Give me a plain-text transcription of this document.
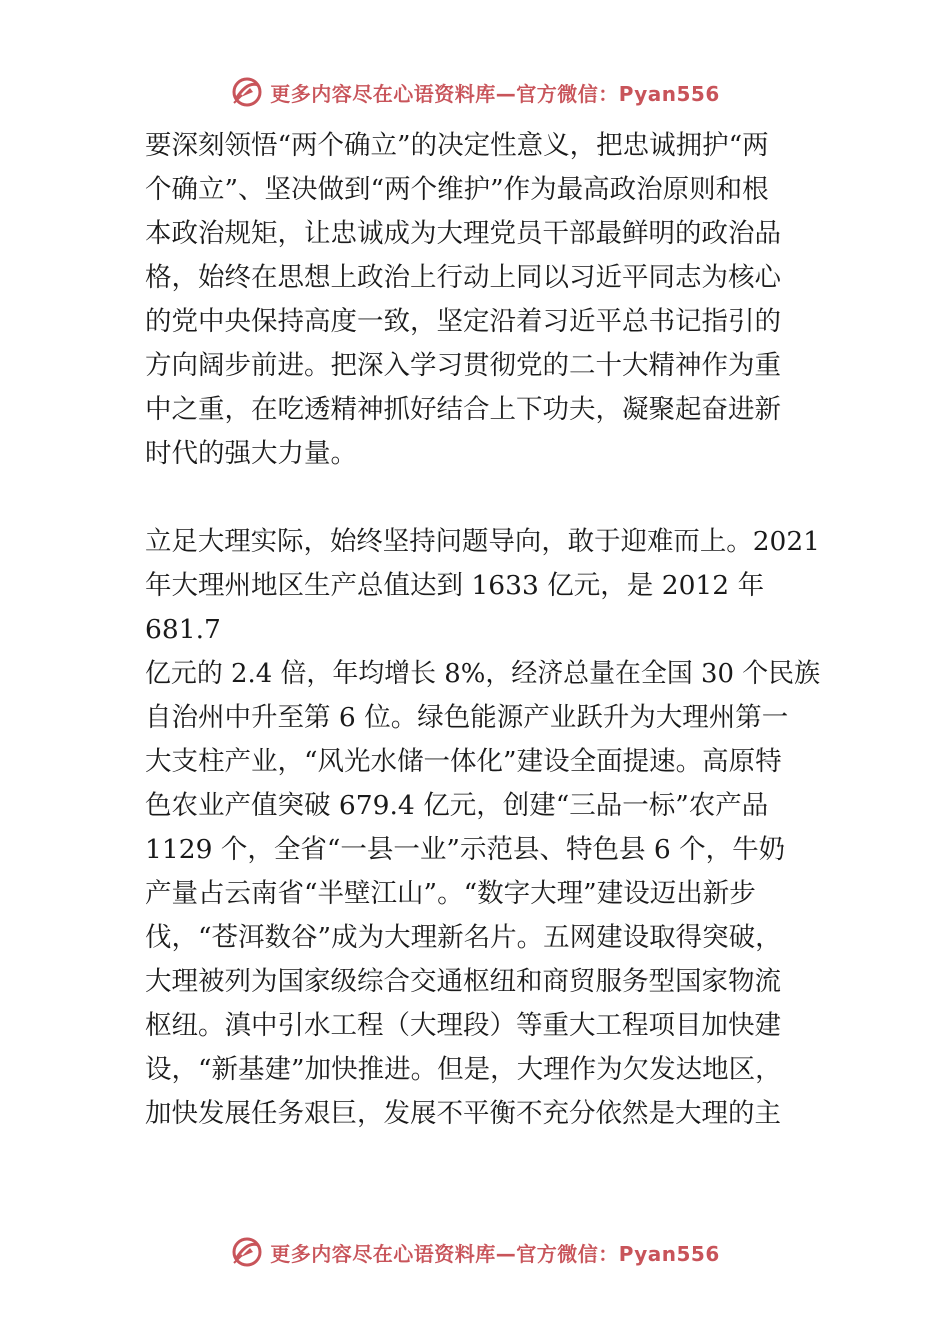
更多内容尽在心语资料库—官方微信：Pyan556
要深刻领悟“两个确立”的决定性意义，把忠诚拥护“两
个确立”、坚决做到“两个维护”作为最高政治原则和根
本政治规矩，让忠诚成为大理党员干部最鲜明的政治品
格，始终在思想上政治上行动上同以习近平同志为核心
的党中央保持高度一致，坚定沿着习近平总书记指引的
方向阔步前进。把深入学习贯彻党的二十大精神作为重
中之重，在吃透精神抓好结合上下功夫，凝聚起奋进新
时代的强大力量。
立足大理实际，始终坚持问题导向，敢于迎难而上。2021
年大理州地区生产总值达到 1633 亿元，是 2012 年
681.7
亿元的 2.4 倍，年均增长 8%，经济总量在全国 30 个民族
自治州中升至第 6 位。绿色能源产业跃升为大理州第一
大支柱产业，“风光水储一体化”建设全面提速。高原特
色农业产值突破 679.4 亿元，创建“三品一标”农产品
1129 个，全省“一县一业”示范县、特色县 6 个，牛奶
产量占云南省“半壁江山”。“数字大理”建设迈出新步
伐，“苍洱数谷”成为大理新名片。五网建设取得突破，
大理被列为国家级综合交通枢纽和商贸服务型国家物流
枢纽。滇中引水工程（大理段）等重大工程项目加快建
设，“新基建”加快推进。但是，大理作为欠发达地区，
加快发展任务艰巨，发展不平衡不充分依然是大理的主
更多内容尽在心语资料库—官方微信：Pyan556
